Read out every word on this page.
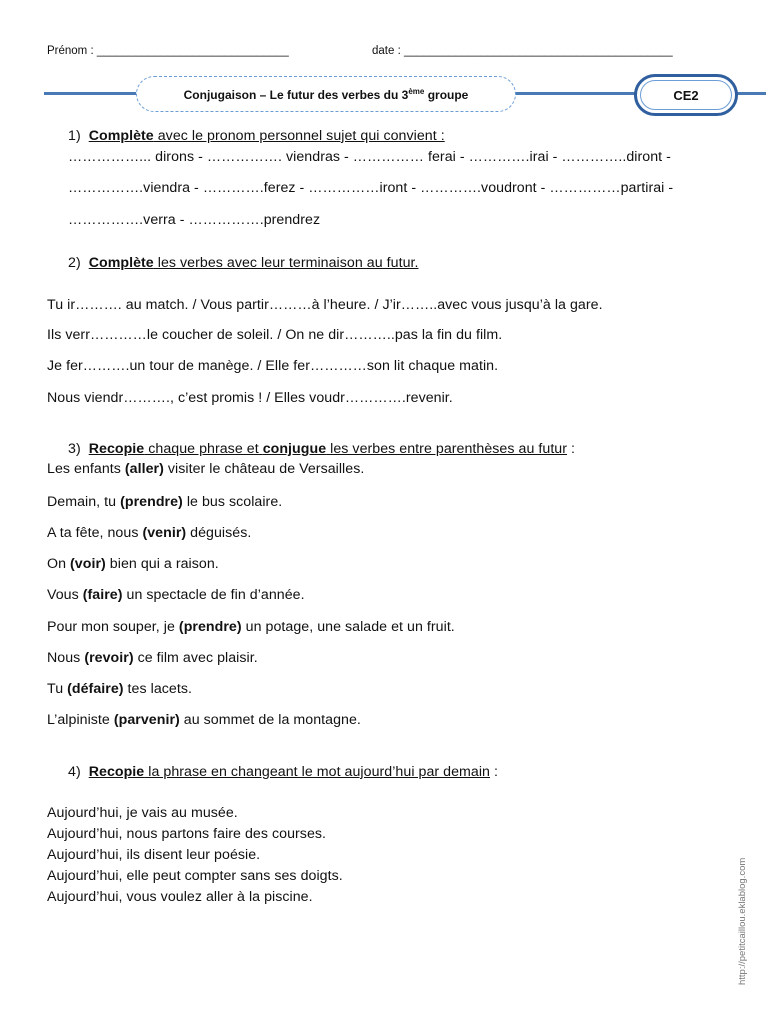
Prénom : ______________________________	date : __________________________________________
Conjugaison – Le futur des verbes du 3ème groupe	CE2
1) Complète avec le pronom personnel sujet qui convient :
……………... dirons - ……………. viendras - …………… ferai - ………….irai - …………..diront -
…………….viendra - ………….ferez - ……………iront - ………….voudront - ……………partirai -
…………….verra - …………….prendrez
2) Complète les verbes avec leur terminaison au futur.
Tu ir………. au match. / Vous partir………à l’heure. / J’ir……..avec vous jusqu’à la gare.
Ils verr…………le coucher de soleil. / On ne dir………..pas la fin du film.
Je fer……….un tour de manège. / Elle fer…………son lit chaque matin.
Nous viendr………., c’est promis ! / Elles voudr………….revenir.
3) Recopie chaque phrase et conjugue les verbes entre parenthèses au futur :
Les enfants (aller) visiter le château de Versailles.
Demain, tu (prendre) le bus scolaire.
A ta fête, nous (venir) déguisés.
On (voir) bien qui a raison.
Vous (faire) un spectacle de fin d’année.
Pour mon souper, je (prendre) un potage, une salade et un fruit.
Nous (revoir) ce film avec plaisir.
Tu (défaire) tes lacets.
L’alpiniste (parvenir) au sommet de la montagne.
4) Recopie la phrase en changeant le mot aujourd’hui par demain :
Aujourd’hui, je vais au musée.
Aujourd’hui, nous partons faire des courses.
Aujourd’hui, ils disent leur poésie.
Aujourd’hui, elle peut compter sans ses doigts.
Aujourd’hui, vous voulez aller à la piscine.	http://petitcaillou.eklablog.com
